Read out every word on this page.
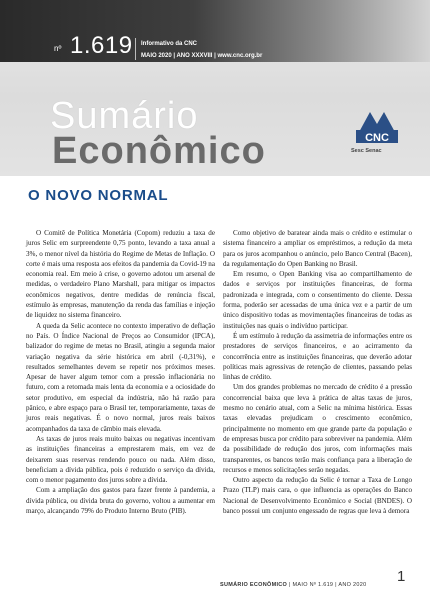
nº 1.619 Informativo da CNC
MAIO 2020 | ANO XXXVIII | www.cnc.org.br
Sumário
Econômico	CNC
Sesc Senac
O NOVO NORMAL

O Comitê de Política Monetária (Copom) reduziu a taxa de juros Selic em surpreendente 0,75 ponto, levando a taxa anual a 3%, o menor nível da história do Regime de Metas de Inflação. O corte é mais uma resposta aos efeitos da pandemia da Covid-19 na economia real. Em meio à crise, o governo adotou um arsenal de medidas, o verdadeiro Plano Marshall, para mitigar os impactos econômicos negativos, dentre medidas de renúncia fiscal, estímulo às empresas, manutenção da renda das famílias e injeção de liquidez no sistema financeiro.

A queda da Selic acontece no contexto imperativo de deflação no País. O Índice Nacional de Preços ao Consumidor (IPCA), balizador do regime de metas no Brasil, atingiu a segunda maior variação negativa da série histórica em abril (-0,31%), e resultados semelhantes devem se repetir nos próximos meses. Apesar de haver algum temor com a pressão inflacionária no futuro, com a retomada mais lenta da economia e a ociosidade do setor produtivo, em especial da indústria, não há razão para pânico, e abre espaço para o Brasil ter, temporariamente, taxas de juros reais negativas. É o novo normal, juros reais baixos acompanhados da taxa de câmbio mais elevada.

As taxas de juros reais muito baixas ou negativas incentivam as instituições financeiras a emprestarem mais, em vez de deixarem suas reservas rendendo pouco ou nada. Além disso, beneficiam a dívida pública, pois é reduzido o serviço da dívida, com o menor pagamento dos juros sobre a dívida.

Com a ampliação dos gastos para fazer frente à pandemia, a dívida pública, ou dívida bruta do governo, voltou a aumentar em março, alcançando 79% do Produto Interno Bruto (PIB).

Como objetivo de baratear ainda mais o crédito e estimular o sistema financeiro a ampliar os empréstimos, a redução da meta para os juros acompanhou o anúncio, pelo Banco Central (Bacen), da regulamentação do Open Banking no Brasil.

Em resumo, o Open Banking visa ao compartilhamento de dados e serviços por instituições financeiras, de forma padronizada e integrada, com o consentimento do cliente. Dessa forma, poderão ser acessadas de uma única vez e a partir de um único dispositivo todas as movimentações financeiras de todas as instituições nas quais o indivíduo participar.

É um estímulo à redução da assimetria de informações entre os prestadores de serviços financeiros, e ao acirramento da concorrência entre as instituições financeiras, que deverão adotar políticas mais agressivas de retenção de clientes, passando pelas linhas de crédito.

Um dos grandes problemas no mercado de crédito é a pressão concorrencial baixa que leva à prática de altas taxas de juros, mesmo no cenário atual, com a Selic na mínima histórica. Essas taxas elevadas prejudicam o crescimento econômico, principalmente no momento em que grande parte da população e de empresas busca por crédito para sobreviver na pandemia. Além da possibilidade de redução dos juros, com informações mais transparentes, os bancos terão mais confiança para a liberação de recursos e menos solicitações serão negadas.

Outro aspecto da redução da Selic é tornar a Taxa de Longo Prazo (TLP) mais cara, o que influencia as operações do Banco Nacional de Desenvolvimento Econômico e Social (BNDES). O banco possui um conjunto engessado de regras que leva à demora

SUMÁRIO ECONÔMICO | MAIO Nº 1.619 | ANO 2020 1
